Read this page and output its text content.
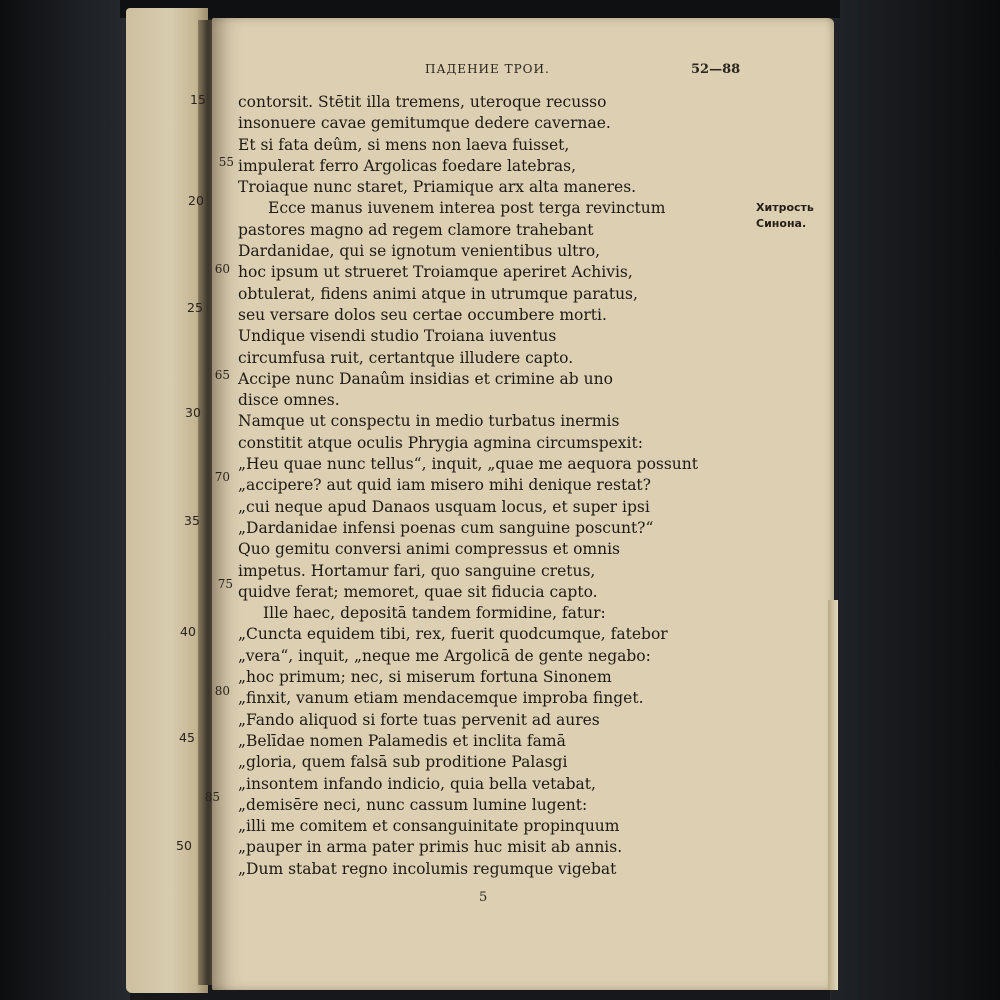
ПАДЕНИЕ ТРОИ.	52—88
Хитрость
Синона.
55
60
65
70
75
80
85
15
20
25
30
35
40
45
50
contorsit. Stētit illa tremens, uteroque recusso
insonuere cavae gemitumque dedere cavernae.
Et si fata deûm, si mens non laeva fuisset,
impulerat ferro Argolicas foedare latebras,
Troiaque nunc staret, Priamique arx alta maneres.
Ecce manus iuvenem interea post terga revinctum
pastores magno ad regem clamore trahebant
Dardanidae, qui se ignotum venientibus ultro,
hoc ipsum ut strueret Troiamque aperiret Achivis,
obtulerat, fidens animi atque in utrumque paratus,
seu versare dolos seu certae occumbere morti.
Undique visendi studio Troiana iuventus
circumfusa ruit, certantque illudere capto.
Accipe nunc Danaûm insidias et crimine ab uno
disce omnes.
Namque ut conspectu in medio turbatus inermis
constitit atque oculis Phrygia agmina circumspexit:
„Heu quae nunc tellus“, inquit, „quae me aequora possunt
„accipere? aut quid iam misero mihi denique restat?
„cui neque apud Danaos usquam locus, et super ipsi
„Dardanidae infensi poenas cum sanguine poscunt?“
Quo gemitu conversi animi compressus et omnis
impetus. Hortamur fari, quo sanguine cretus,
quidve ferat; memoret, quae sit fiducia capto.
Ille haec, depositā tandem formidine, fatur:
„Cuncta equidem tibi, rex, fuerit quodcumque, fatebor
„vera“, inquit, „neque me Argolicā de gente negabo:
„hoc primum; nec, si miserum fortuna Sinonem
„finxit, vanum etiam mendacemque improba finget.
„Fando aliquod si forte tuas pervenit ad aures
„Belīdae nomen Palamedis et inclita famā
„gloria, quem falsā sub proditione Palasgi
„insontem infando indicio, quia bella vetabat,
„demisēre neci, nunc cassum lumine lugent:
„illi me comitem et consanguinitate propinquum
„pauper in arma pater primis huc misit ab annis.
„Dum stabat regno incolumis regumque vigebat
5
